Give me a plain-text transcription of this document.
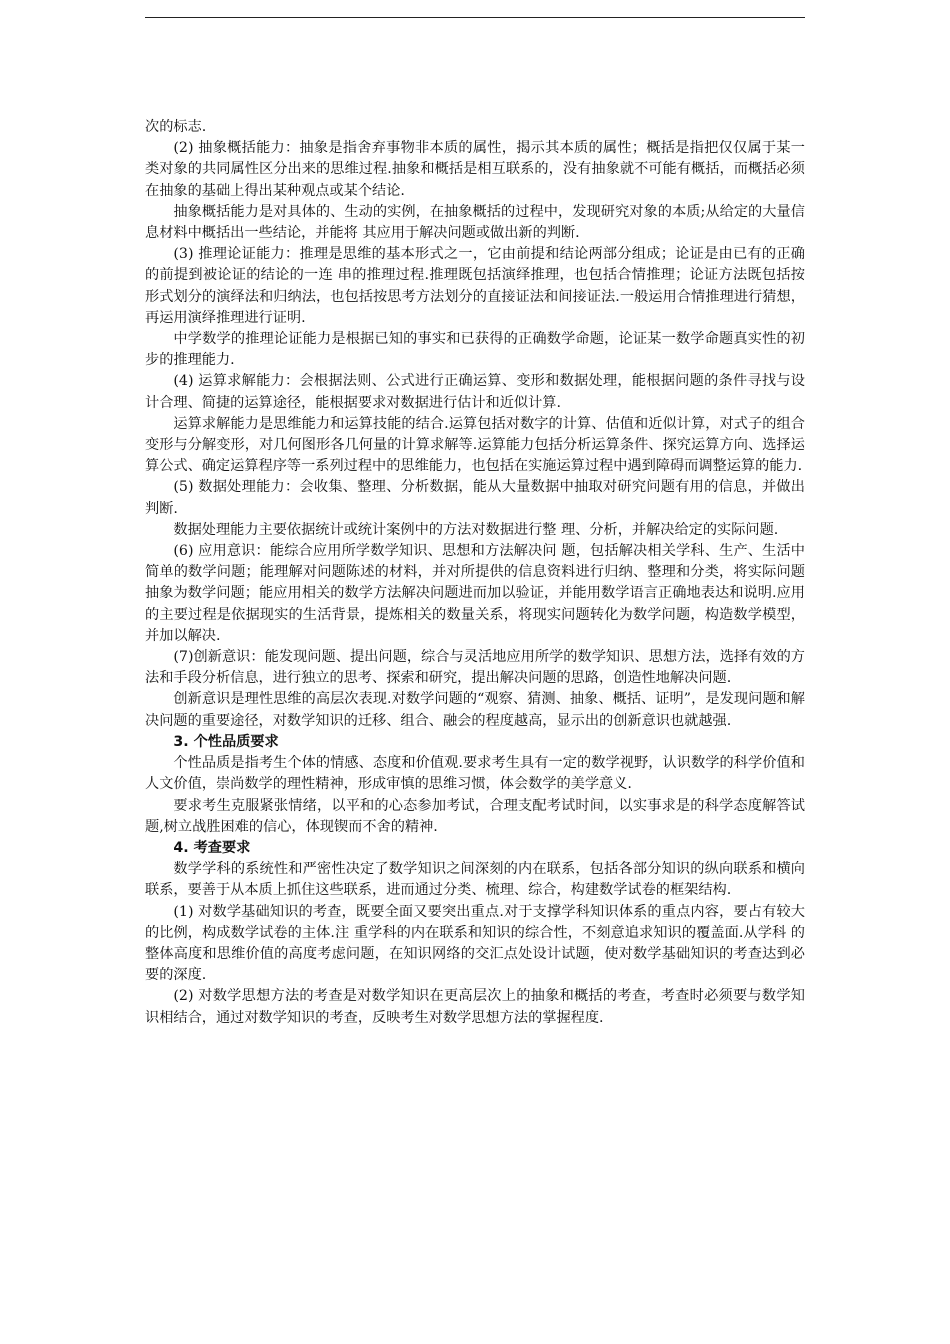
次的标志.

(2) 抽象概括能力：抽象是指舍弃事物非本质的属性，揭示其本质的属性；概括是指把仅仅属于某一类对象的共同属性区分出来的思维过程.抽象和概括是相互联系的，没有抽象就不可能有概括，而概括必须在抽象的基础上得出某种观点或某个结论.

抽象概括能力是对具体的、生动的实例，在抽象概括的过程中，发现研究对象的本质;从给定的大量信息材料中概括出一些结论，并能将 其应用于解决问题或做出新的判断.

(3) 推理论证能力：推理是思维的基本形式之一，它由前提和结论两部分组成；论证是由已有的正确的前提到被论证的结论的一连 串的推理过程.推理既包括演绎推理，也包括合情推理；论证方法既包括按形式划分的演绎法和归纳法，也包括按思考方法划分的直接证法和间接证法.一般运用合情推理进行猜想，再运用演绎推理进行证明.

中学数学的推理论证能力是根据已知的事实和已获得的正确数学命题，论证某一数学命题真实性的初步的推理能力.

(4) 运算求解能力：会根据法则、公式进行正确运算、变形和数据处理，能根据问题的条件寻找与设计合理、简捷的运算途径，能根据要求对数据进行估计和近似计算.

运算求解能力是思维能力和运算技能的结合.运算包括对数字的计算、估值和近似计算，对式子的组合变形与分解变形，对几何图形各几何量的计算求解等.运算能力包括分析运算条件、探究运算方向、选择运算公式、确定运算程序等一系列过程中的思维能力，也包括在实施运算过程中遇到障碍而调整运算的能力.

(5) 数据处理能力：会收集、整理、分析数据，能从大量数据中抽取对研究问题有用的信息，并做出判断.

数据处理能力主要依据统计或统计案例中的方法对数据进行整 理、分析，并解决给定的实际问题.

(6) 应用意识：能综合应用所学数学知识、思想和方法解决问 题，包括解决相关学科、生产、生活中简单的数学问题；能理解对问题陈述的材料，并对所提供的信息资料进行归纳、整理和分类，将实际问题抽象为数学问题；能应用相关的数学方法解决问题进而加以验证，并能用数学语言正确地表达和说明.应用的主要过程是依据现实的生活背景，提炼相关的数量关系，将现实问题转化为数学问题，构造数学模型，并加以解决.

(7)创新意识：能发现问题、提出问题，综合与灵活地应用所学的数学知识、思想方法，选择有效的方法和手段分析信息，进行独立的思考、探索和研究，提出解决问题的思路，创造性地解决问题.

创新意识是理性思维的高层次表现.对数学问题的“观察、猜测、抽象、概括、证明”，是发现问题和解决问题的重要途径，对数学知识的迁移、组合、融会的程度越高，显示出的创新意识也就越强.

3. 个性品质要求

个性品质是指考生个体的情感、态度和价值观.要求考生具有一定的数学视野，认识数学的科学价值和人文价值，崇尚数学的理性精神，形成审慎的思维习惯，体会数学的美学意义.

要求考生克服紧张情绪，以平和的心态参加考试，合理支配考试时间，以实事求是的科学态度解答试题,树立战胜困难的信心，体现锲而不舍的精神.

4. 考查要求

数学学科的系统性和严密性决定了数学知识之间深刻的内在联系，包括各部分知识的纵向联系和横向联系，要善于从本质上抓住这些联系，进而通过分类、梳理、综合，构建数学试卷的框架结构.

(1) 对数学基础知识的考查，既要全面又要突出重点.对于支撑学科知识体系的重点内容，要占有较大的比例，构成数学试卷的主体.注 重学科的内在联系和知识的综合性，不刻意追求知识的覆盖面.从学科 的整体高度和思维价值的高度考虑问题，在知识网络的交汇点处设计试题，使对数学基础知识的考查达到必要的深度.

(2) 对数学思想方法的考查是对数学知识在更高层次上的抽象和概括的考查，考查时必须要与数学知识相结合，通过对数学知识的考查，反映考生对数学思想方法的掌握程度.
